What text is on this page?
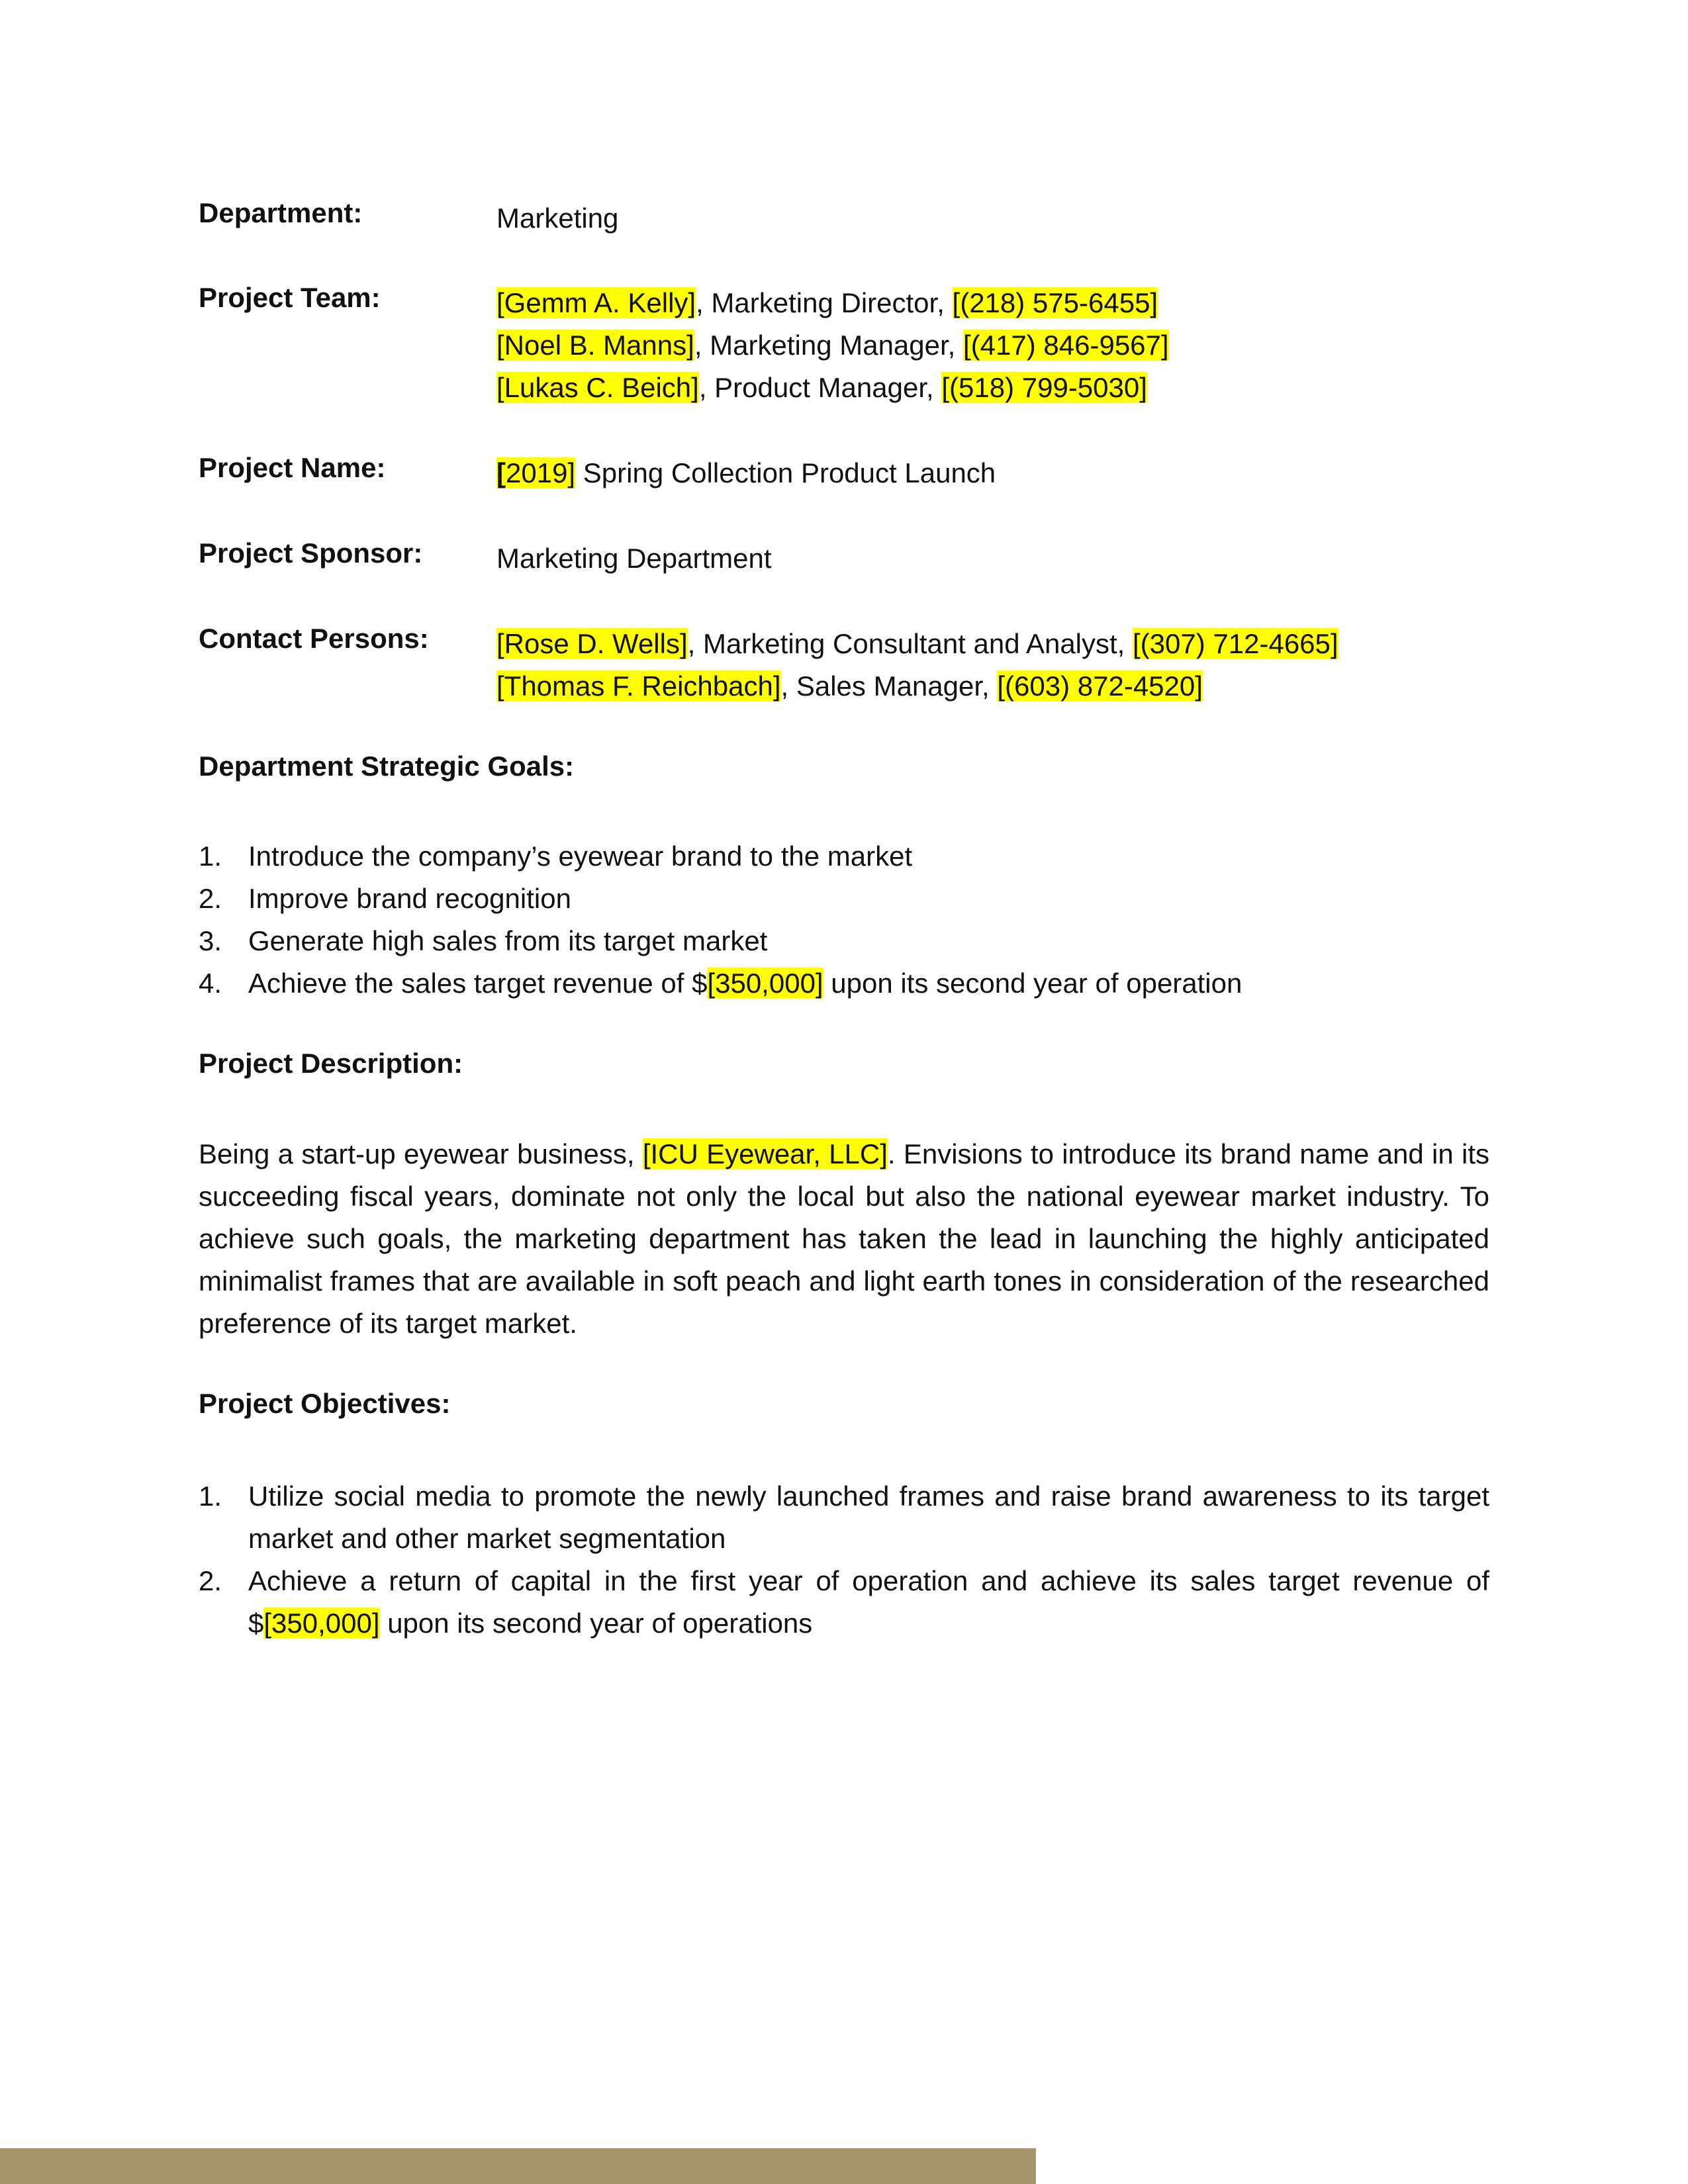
Department:	Marketing
Project Team:	[Gemm A. Kelly], Marketing Director, [(218) 575-6455]
[Noel B. Manns], Marketing Manager, [(417) 846-9567]
[Lukas C. Beich], Product Manager, [(518) 799-5030]
Project Name:	[2019] Spring Collection Product Launch
Project Sponsor:	Marketing Department
Contact Persons: [Rose D. Wells], Marketing Consultant and Analyst, [(307) 712-4665]
[Thomas F. Reichbach], Sales Manager, [(603) 872-4520]
Department Strategic Goals:
1. Introduce the company’s eyewear brand to the market
2. Improve brand recognition
3. Generate high sales from its target market
4. Achieve the sales target revenue of $[350,000] upon its second year of operation
Project Description:
Being a start-up eyewear business, [ICU Eyewear, LLC]. Envisions to introduce its brand name and in its succeeding fiscal years, dominate not only the local but also the national eyewear market industry. To achieve such goals, the marketing department has taken the lead in launching the highly anticipated minimalist frames that are available in soft peach and light earth tones in consideration of the researched preference of its target market.
Project Objectives:
1. Utilize social media to promote the newly launched frames and raise brand awareness to its target market and other market segmentation
2. Achieve a return of capital in the first year of operation and achieve its sales target revenue of $[350,000] upon its second year of operations
